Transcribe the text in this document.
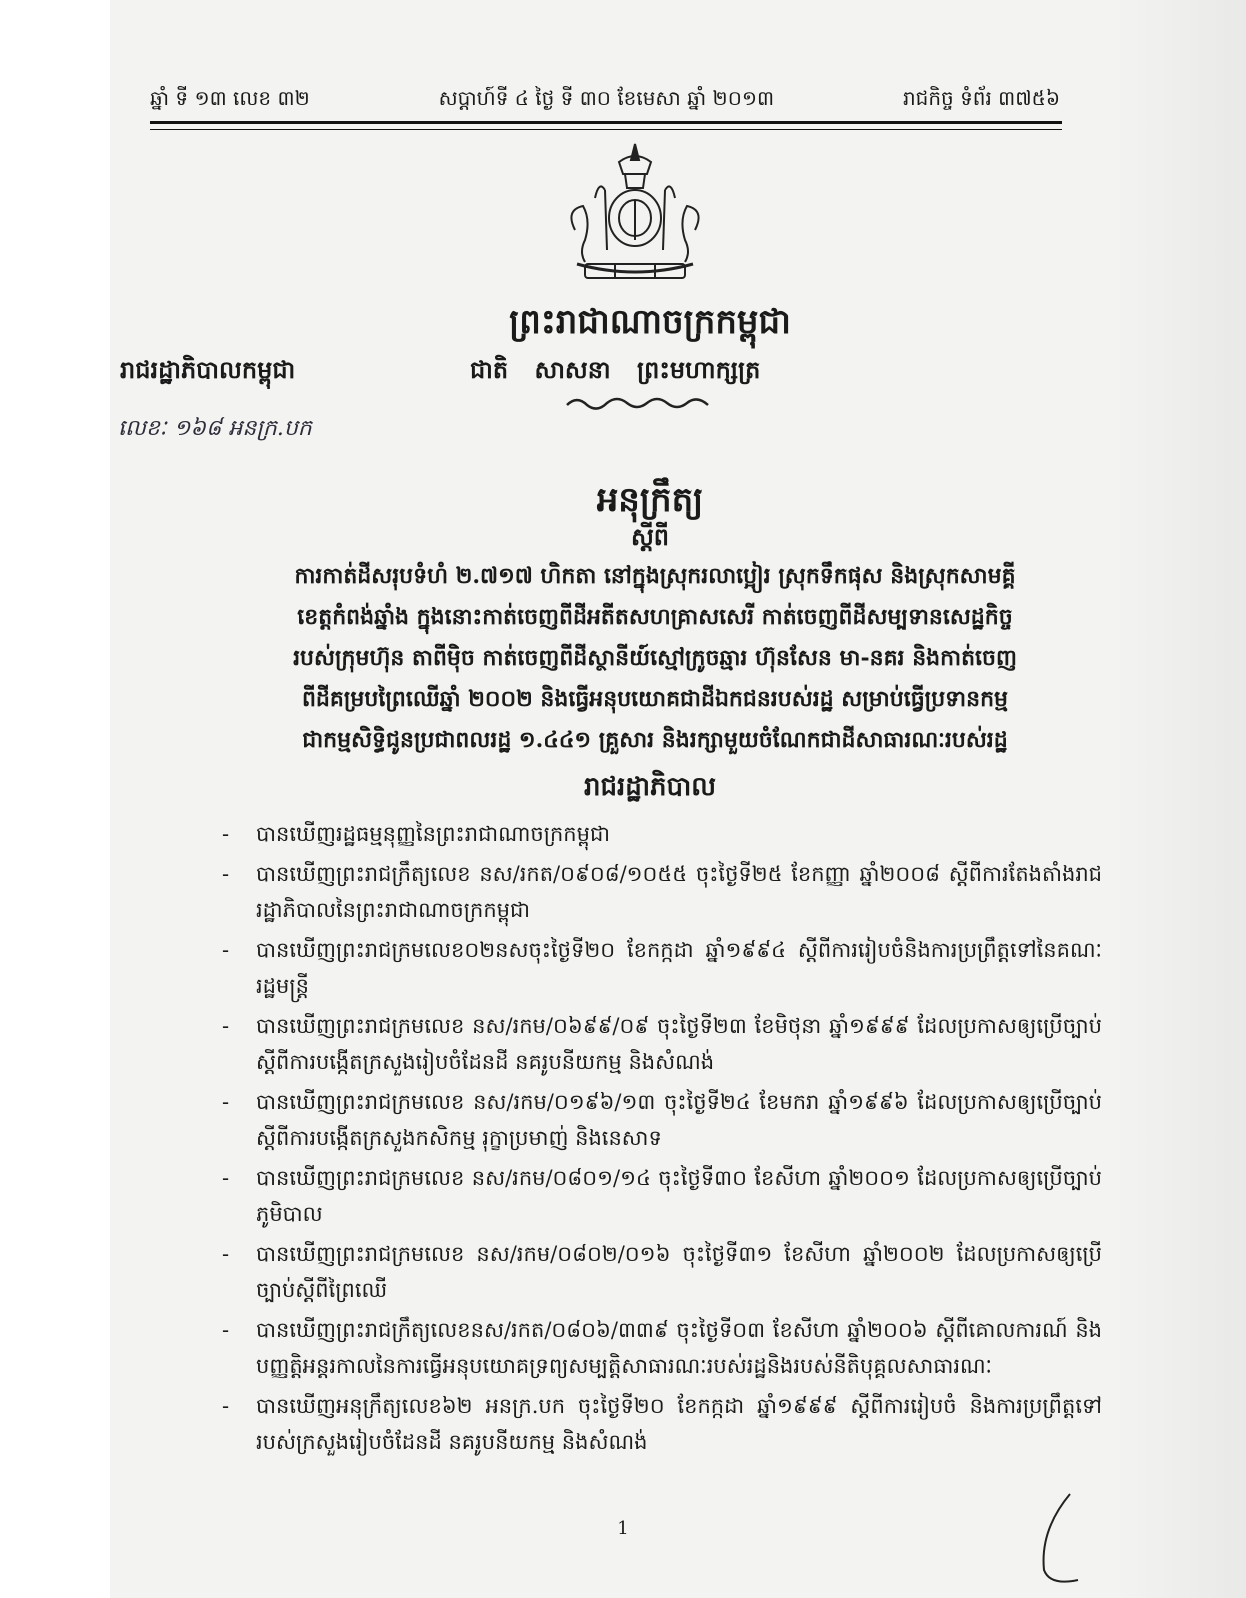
ឆ្នាំ ទី ១៣ លេខ ៣២	សប្តាហ៍ទី ៤ ថ្ងៃ ទី ៣០ ខែមេសា ឆ្នាំ ២០១៣	រាជកិច្ច ទំព័រ ៣៧៥៦
ព្រះរាជាណាចក្រកម្ពុជា
រាជរដ្ឋាភិបាលកម្ពុជា	ជាតិ សាសនា ព្រះមហាក្សត្រ
លេខៈ ១៦៨ អនក្រ.បក
អនុក្រឹត្យ
ស្តីពី
ការកាត់ដីសរុបទំហំ ២.៧១៧ ហិកតា នៅក្នុងស្រុករលាប្អៀរ ស្រុកទឹកផុស និងស្រុកសាមគ្គី
ខេត្តកំពង់ឆ្នាំង ក្នុងនោះកាត់ចេញពីដីអតីតសហគ្រាសសេរី កាត់ចេញពីដីសម្បទានសេដ្ឋកិច្ច
របស់ក្រុមហ៊ុន តាពីម៉ិច កាត់ចេញពីដីស្ថានីយ៍ស្មៅក្រូចឆ្មារ ហ៊ុនសែន មា-នគរ និងកាត់ចេញ
ពីដីគម្របព្រៃឈើឆ្នាំ ២០០២ និងធ្វើអនុបយោគជាដីឯកជនរបស់រដ្ឋ សម្រាប់ធ្វើប្រទានកម្ម
ជាកម្មសិទ្ធិជូនប្រជាពលរដ្ឋ ១.៤៤១ គ្រួសារ និងរក្សាមួយចំណែកជាដីសាធារណៈរបស់រដ្ឋ
រាជរដ្ឋាភិបាល
- បានឃើញរដ្ឋធម្មនុញ្ញនៃព្រះរាជាណាចក្រកម្ពុជា
- បានឃើញព្រះរាជក្រឹត្យលេខ នស/រកត/០៩០៨/១០៥៥ ចុះថ្ងៃទី២៥ ខែកញ្ញា ឆ្នាំ២០០៨ ស្តីពីការតែងតាំងរាជរដ្ឋាភិបាលនៃព្រះរាជាណាចក្រកម្ពុជា
- បានឃើញព្រះរាជក្រមលេខ០២នសចុះថ្ងៃទី២០ ខែកក្កដា ឆ្នាំ១៩៩៤ ស្តីពីការរៀបចំនិងការប្រព្រឹត្តទៅនៃគណៈរដ្ឋមន្ត្រី
- បានឃើញព្រះរាជក្រមលេខ នស/រកម/០៦៩៩/០៩ ចុះថ្ងៃទី២៣ ខែមិថុនា ឆ្នាំ១៩៩៩ ដែលប្រកាសឲ្យប្រើច្បាប់ស្តីពីការបង្កើតក្រសួងរៀបចំដែនដី នគរូបនីយកម្ម និងសំណង់
- បានឃើញព្រះរាជក្រមលេខ នស/រកម/០១៩៦/១៣ ចុះថ្ងៃទី២៤ ខែមករា ឆ្នាំ១៩៩៦ ដែលប្រកាសឲ្យប្រើច្បាប់ ស្តីពីការបង្កើតក្រសួងកសិកម្ម រុក្ខាប្រមាញ់ និងនេសាទ
- បានឃើញព្រះរាជក្រមលេខ នស/រកម/០៨០១/១៤ ចុះថ្ងៃទី៣០ ខែសីហា ឆ្នាំ២០០១ ដែលប្រកាសឲ្យប្រើច្បាប់ភូមិបាល
- បានឃើញព្រះរាជក្រមលេខ នស/រកម/០៨០២/០១៦ ចុះថ្ងៃទី៣១ ខែសីហា ឆ្នាំ២០០២ ដែលប្រកាសឲ្យប្រើច្បាប់ស្តីពីព្រៃឈើ
- បានឃើញព្រះរាជក្រឹត្យលេខនស/រកត/០៨០៦/៣៣៩ ចុះថ្ងៃទី០៣ ខែសីហា ឆ្នាំ២០០៦ ស្តីពីគោលការណ៍ និងបញ្ញត្តិអន្តរកាលនៃការធ្វើអនុបយោគទ្រព្យសម្បត្តិសាធារណៈរបស់រដ្ឋនិងរបស់នីតិបុគ្គលសាធារណៈ
- បានឃើញអនុក្រឹត្យលេខ៦២ អនក្រ.បក ចុះថ្ងៃទី២០ ខែកក្កដា ឆ្នាំ១៩៩៩ ស្តីពីការរៀបចំ និងការប្រព្រឹត្តទៅរបស់ក្រសួងរៀបចំដែនដី នគរូបនីយកម្ម និងសំណង់
1
